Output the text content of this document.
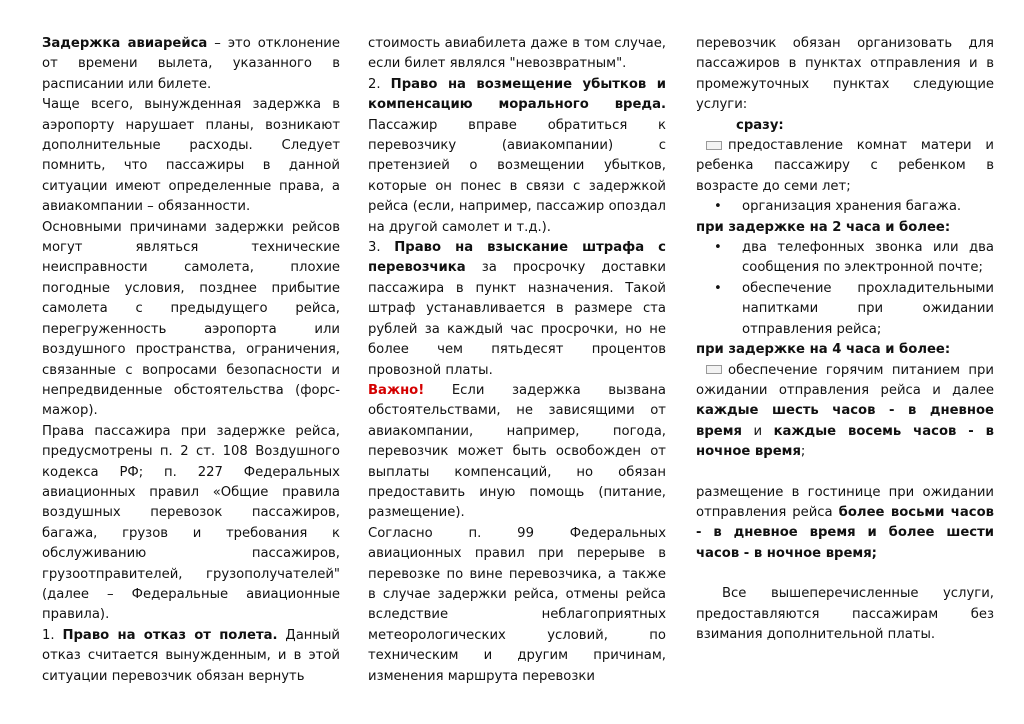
Задержка авиарейса – это отклонение от времени вылета, указанного в расписании или билете.

Чаще всего, вынужденная задержка в аэропорту нарушает планы, возникают дополнительные расходы. Следует помнить, что пассажиры в данной ситуации имеют определенные права, а авиакомпании – обязанности.

Основными причинами задержки рейсов могут являться технические неисправности самолета, плохие погодные условия, позднее прибытие самолета с предыдущего рейса, перегруженность аэропорта или воздушного пространства, ограничения, связанные с вопросами безопасности и непредвиденные обстоятельства (форс-мажор).

Права пассажира при задержке рейса, предусмотрены п. 2 ст. 108 Воздушного кодекса РФ; п. 227 Федеральных авиационных правил «Общие правила воздушных перевозок пассажиров, багажа, грузов и требования к обслуживанию пассажиров, грузоотправителей, грузополучателей" (далее – Федеральные авиационные правила).

1. Право на отказ от полета. Данный отказ считается вынужденным, и в этой ситуации перевозчик обязан вернуть

стоимость авиабилета даже в том случае, если билет являлся "невозвратным".

2. Право на возмещение убытков и компенсацию морального вреда. Пассажир вправе обратиться к перевозчику (авиакомпании) с претензией о возмещении убытков, которые он понес в связи с задержкой рейса (если, например, пассажир опоздал на другой самолет и т.д.).

3. Право на взыскание штрафа с перевозчика за просрочку доставки пассажира в пункт назначения. Такой штраф устанавливается в размере ста рублей за каждый час просрочки, но не более чем пятьдесят процентов провозной платы.

Важно! Если задержка вызвана обстоятельствами, не зависящими от авиакомпании, например, погода, перевозчик может быть освобожден от выплаты компенсаций, но обязан предоставить иную помощь (питание, размещение).

Согласно п. 99 Федеральных авиационных правил при перерыве в перевозке по вине перевозчика, а также в случае задержки рейса, отмены рейса вследствие неблагоприятных метеорологических условий, по техническим и другим причинам, изменения маршрута перевозки

перевозчик обязан организовать для пассажиров в пунктах отправления и в промежуточных пунктах следующие услуги:

сразу:

предоставление комнат матери и ребенка пассажиру с ребенком в возрасте до семи лет;

• организация хранения багажа.

при задержке на 2 часа и более:

• два телефонных звонка или два сообщения по электронной почте;

• обеспечение прохладительными напитками при ожидании отправления рейса;

при задержке на 4 часа и более:

обеспечение горячим питанием при ожидании отправления рейса и далее каждые шесть часов - в дневное время и каждые восемь часов - в ночное время;

размещение в гостинице при ожидании отправления рейса более восьми часов - в дневное время и более шести часов - в ночное время;

Все вышеперечисленные услуги, предоставляются пассажирам без взимания дополнительной платы.
